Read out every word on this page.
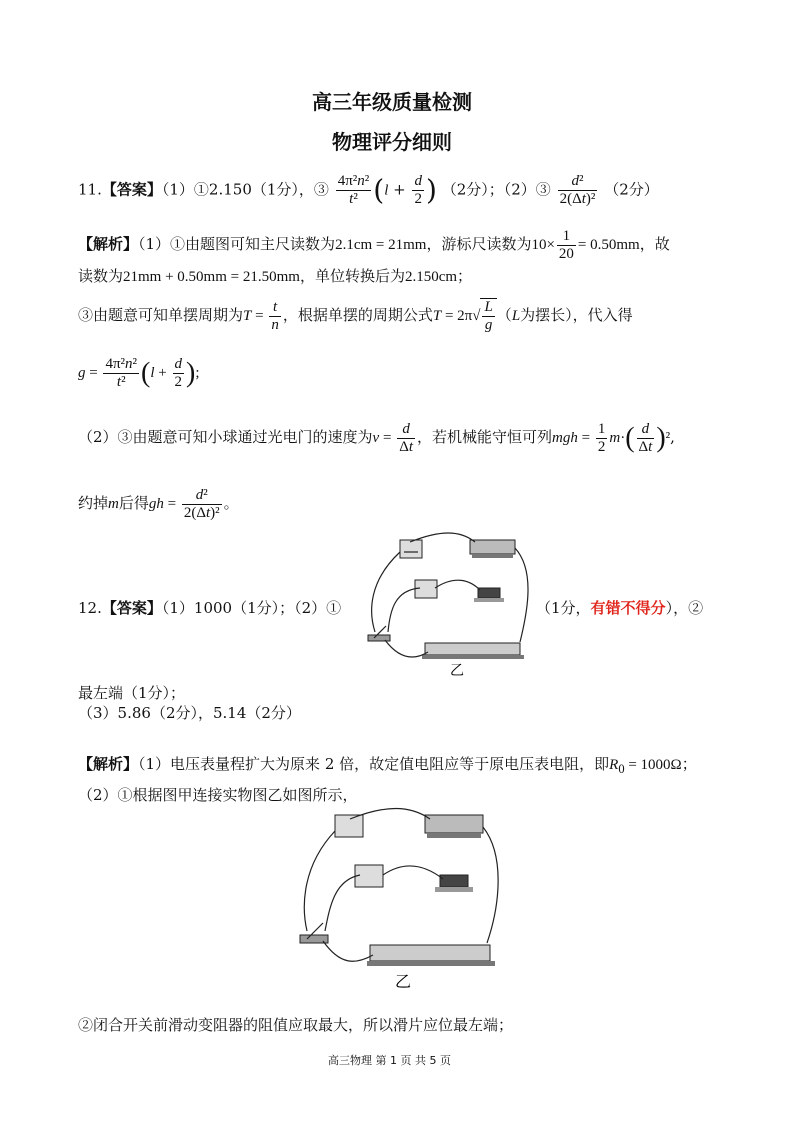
高三年级质量检测
物理评分细则
11.【答案】（1）①2.150（1分），③ $\frac{\text{4π²n²}}{\text{t²}} (l + \frac{d}{2}$ ) （2分）；（2）③ $\frac{\text{d²}}{\text{2(Δt)²}} (2$分）
【解析】（1）①由题图可知主尺读数为2.1cm = 21mm，游标尺读数为$10\times \frac{1}{20} = 0.50mm$，故
读数为21mm + 0.50mm = 21.50mm，单位转换后为2.150cm；
③由题意可知单摆周期为$T = \frac{t}{n}$ ，根据单摆的周期公式$T = 2\pi√ \frac{L}{g} (L$为摆长），代入得
$g = \frac{\text{4π²n²}}{\text{t²}} (l + \frac{d}{2}$ );
（2）③由题意可知小球通过光电门的速度为$v = \frac{d}{\Delta t}$ ，若机械能守恒可列mgh = $\frac{1}{2} m\cdot( \frac{d}{\Delta t} )^2$,
约掉m后得gh = $\frac{\text{d²}}{\text{2(Δt)²}}$ 。
乙
12.【答案】（1）1000（1分）；（2）①	（1分，有错不得分），②
最左端（1分）；
（3）5.86（2分），5.14（2分）
【解析】（1）电压表量程扩大为原来 2 倍，故定值电阻应等于原电压表电阻，即$R_0 = 1000\Omega$；
（2）①根据图甲连接实物图乙如图所示，
乙
②闭合开关前滑动变阻器的阻值应取最大，所以滑片应位最左端；
高三物理 第 1 页 共 5 页
